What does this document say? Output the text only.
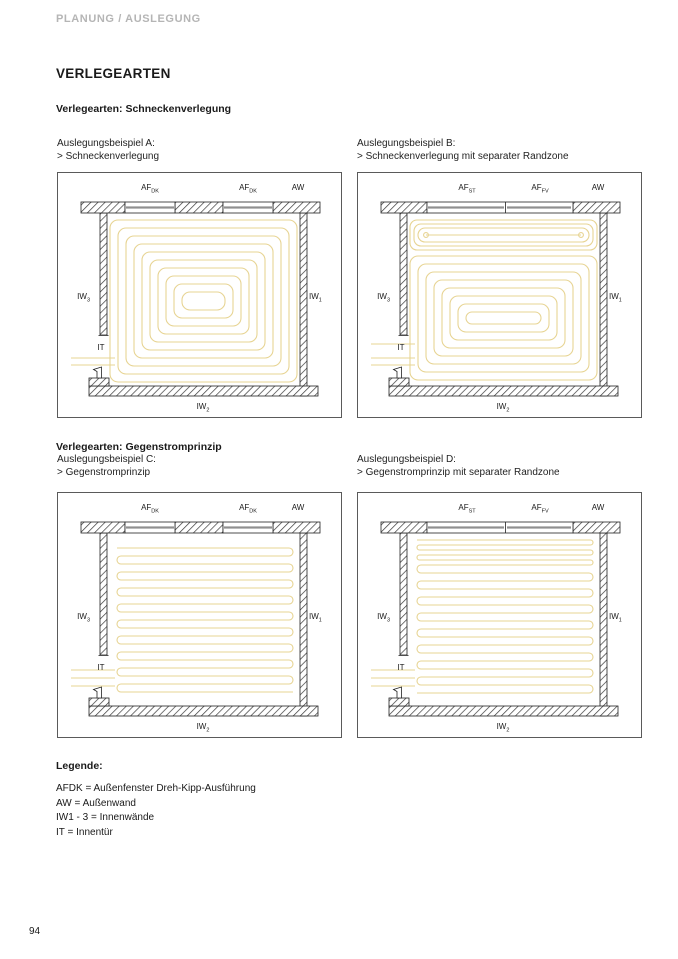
PLANUNG / AUSLEGUNG
VERLEGEARTEN
Verlegearten: Schneckenverlegung
Auslegungsbeispiel A:
> Schneckenverlegung
Auslegungsbeispiel B:
> Schneckenverlegung mit separater Randzone
$AF_{DK}$	$AF_{DK}$	AW
$IW_3$	$IW_1$
$IW_2$
IT
$AF_{ST}$	$AF_{FV}$	AW
$IW_3$	$IW_1$
$IW_2$
IT
Verlegearten: Gegenstromprinzip
Auslegungsbeispiel C:
> Gegenstromprinzip
Auslegungsbeispiel D:
> Gegenstromprinzip mit separater Randzone
$AF_{DK}$	$AF_{DK}$	AW
$IW_3$	$IW_1$
$IW_2$
IT
$AF_{ST}$	$AF_{FV}$	AW
$IW_3$	$IW_1$
$IW_2$
IT
Legende:
AFDK = Außenfenster Dreh-Kipp-Ausführung
AW = Außenwand
IW1 - 3 = Innenwände
IT = Innentür
94
